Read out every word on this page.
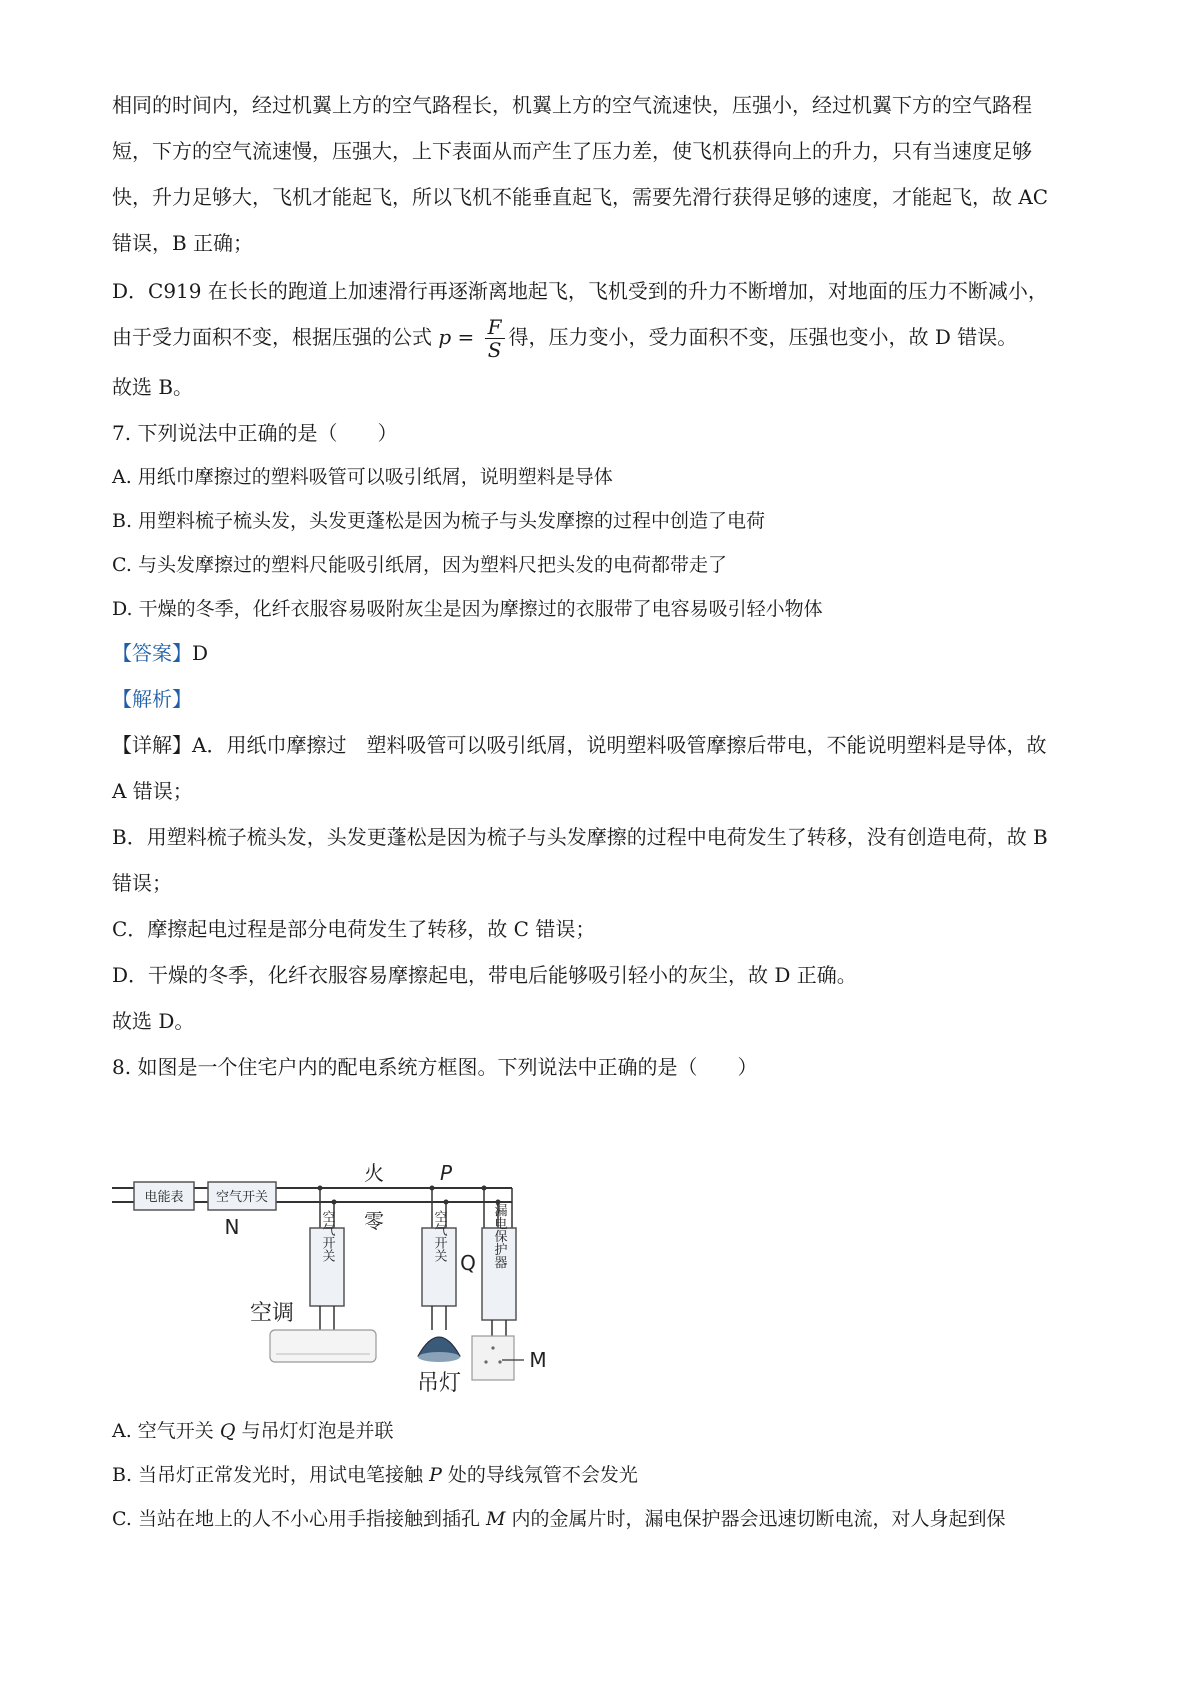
相同的时间内，经过机翼上方的空气路程长，机翼上方的空气流速快，压强小，经过机翼下方的空气路程
短，下方的空气流速慢，压强大，上下表面从而产生了压力差，使飞机获得向上的升力，只有当速度足够
快，升力足够大，飞机才能起飞，所以飞机不能垂直起飞，需要先滑行获得足够的速度，才能起飞，故 AC
错误，B 正确；
D．C919 在长长的跑道上加速滑行再逐渐离地起飞，飞机受到的升力不断增加，对地面的压力不断减小，
由于受力面积不变，根据压强的公式 $p = \frac{F}{S}$ 得，压力变小，受力面积不变，压强也变小，故 D 错误。
故选 B。
7. 下列说法中正确的是（　　）
A. 用纸巾摩擦过的塑料吸管可以吸引纸屑，说明塑料是导体
B. 用塑料梳子梳头发，头发更蓬松是因为梳子与头发摩擦的过程中创造了电荷
C. 与头发摩擦过的塑料尺能吸引纸屑，因为塑料尺把头发的电荷都带走了
D. 干燥的冬季，化纤衣服容易吸附灰尘是因为摩擦过的衣服带了电容易吸引轻小物体
【答案】D
【解析】
【详解】A．用纸巾摩擦过　塑料吸管可以吸引纸屑，说明塑料吸管摩擦后带电，不能说明塑料是导体，故
A 错误；
B．用塑料梳子梳头发，头发更蓬松是因为梳子与头发摩擦的过程中电荷发生了转移，没有创造电荷，故 B
错误；
C．摩擦起电过程是部分电荷发生了转移，故 C 错误；
D．干燥的冬季，化纤衣服容易摩擦起电，带电后能够吸引轻小的灰尘，故 D 正确。
故选 D。
8. 如图是一个住宅户内的配电系统方框图。下列说法中正确的是（　　）
电能表 空气开关
N
火
零
P
空气开关
空调
空气开关
Q
吊灯
漏电保护器
M
A. 空气开关 Q 与吊灯灯泡是并联
B. 当吊灯正常发光时，用试电笔接触 P 处的导线氖管不会发光
C. 当站在地上的人不小心用手指接触到插孔 M 内的金属片时，漏电保护器会迅速切断电流，对人身起到保
